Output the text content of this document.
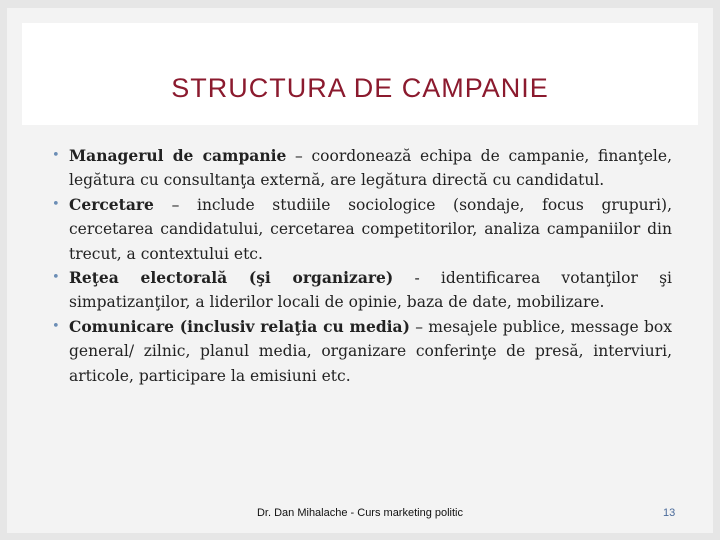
STRUCTURA DE CAMPANIE
• Managerul de campanie – coordonează echipa de campanie, finanţele, legătura cu consultanţa externă, are legătura directă cu candidatul.
• Cercetare – include studiile sociologice (sondaje, focus grupuri), cercetarea candidatului, cercetarea competitorilor, analiza campaniilor din trecut, a contextului etc.
• Reţea electorală (şi organizare) - identificarea votanţilor şi simpatizanţilor, a liderilor locali de opinie, baza de date, mobilizare.
• Comunicare (inclusiv relaţia cu media) – mesajele publice, message box general/ zilnic, planul media, organizare conferinţe de presă, interviuri, articole, participare la emisiuni etc.
Dr. Dan Mihalache - Curs marketing politic	13
